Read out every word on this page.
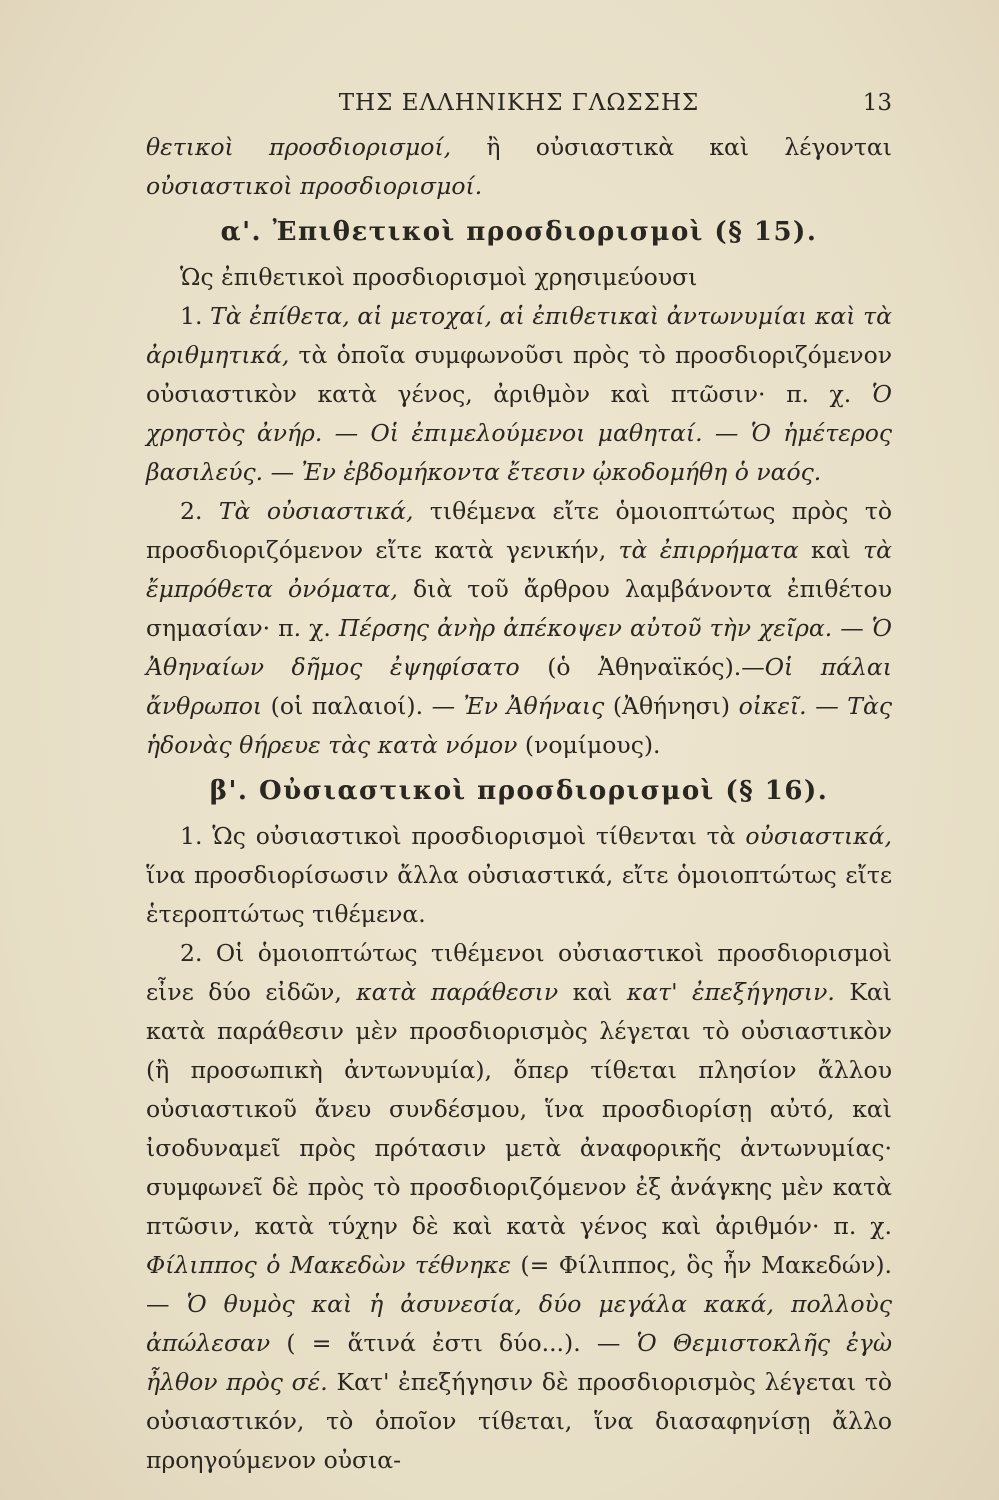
ΤΗΣ ΕΛΛΗΝΙΚΗΣ ΓΛΩΣΣΗΣ	13

θετικοὶ προσδιορισμοί, ἢ οὐσιαστικὰ καὶ λέγονται οὐσιαστικοὶ προσδιορισμοί.

α'. Ἐπιθετικοὶ προσδιορισμοὶ (§ 15).

Ὡς ἐπιθετικοὶ προσδιορισμοὶ χρησιμεύουσι

1. Τὰ ἐπίθετα, αἱ μετοχαί, αἱ ἐπιθετικαὶ ἀντωνυμίαι καὶ τὰ ἀριθμητικά, τὰ ὁποῖα συμφωνοῦσι πρὸς τὸ προσδιοριζόμενον οὐσιαστικὸν κατὰ γένος, ἀριθμὸν καὶ πτῶσιν· π. χ. Ὁ χρηστὸς ἀνήρ. — Οἱ ἐπιμελούμενοι μαθηταί. — Ὁ ἡμέτερος βασιλεύς. — Ἐν ἑβδομήκοντα ἔτεσιν ᾠκοδομήθη ὁ ναός.

2. Τὰ οὐσιαστικά, τιθέμενα εἴτε ὁμοιοπτώτως πρὸς τὸ προσδιοριζόμενον εἴτε κατὰ γενικήν, τὰ ἐπιρρήματα καὶ τὰ ἔμπρόθετα ὀνόματα, διὰ τοῦ ἄρθρου λαμβάνοντα ἐπιθέτου σημασίαν· π. χ. Πέρσης ἀνὴρ ἀπέκοψεν αὐτοῦ τὴν χεῖρα. — Ὁ Ἀθηναίων δῆμος ἐψηφίσατο (ὁ Ἀθηναϊκός).—Οἱ πάλαι ἄνθρωποι (οἱ παλαιοί). — Ἐν Ἀθήναις (Ἀθήνησι) οἰκεῖ. — Τὰς ἡδονὰς θήρευε τὰς κατὰ νόμον (νομίμους).

β'. Οὐσιαστικοὶ προσδιορισμοὶ (§ 16).

1. Ὡς οὐσιαστικοὶ προσδιορισμοὶ τίθενται τὰ οὐσιαστικά, ἵνα προσδιορίσωσιν ἄλλα οὐσιαστικά, εἴτε ὁμοιοπτώτως εἴτε ἑτεροπτώτως τιθέμενα.

2. Οἱ ὁμοιοπτώτως τιθέμενοι οὐσιαστικοὶ προσδιορισμοὶ εἶνε δύο εἰδῶν, κατὰ παράθεσιν καὶ κατ' ἐπεξήγησιν. Καὶ κατὰ παράθεσιν μὲν προσδιορισμὸς λέγεται τὸ οὐσιαστικὸν (ἢ προσωπικὴ ἀντωνυμία), ὅπερ τίθεται πλησίον ἄλλου οὐσιαστικοῦ ἄνευ συνδέσμου, ἵνα προσδιορίσῃ αὐτό, καὶ ἰσοδυναμεῖ πρὸς πρότασιν μετὰ ἀναφορικῆς ἀντωνυμίας· συμφωνεῖ δὲ πρὸς τὸ προσδιοριζόμενον ἐξ ἀνάγκης μὲν κατὰ πτῶσιν, κατὰ τύχην δὲ καὶ κατὰ γένος καὶ ἀριθμόν· π. χ. Φίλιππος ὁ Μακεδὼν τέθνηκε (= Φίλιππος, ὃς ἦν Μακεδών). — Ὁ θυμὸς καὶ ἡ ἀσυνεσία, δύο μεγάλα κακά, πολλοὺς ἀπώλεσαν ( = ἅτινά ἐστι δύο...). — Ὁ Θεμιστοκλῆς ἐγὼ ἦλθον πρὸς σέ. Κατ' ἐπεξήγησιν δὲ προσδιορισμὸς λέγεται τὸ οὐσιαστικόν, τὸ ὁποῖον τίθεται, ἵνα διασαφηνίσῃ ἄλλο προηγούμενον οὐσια-
